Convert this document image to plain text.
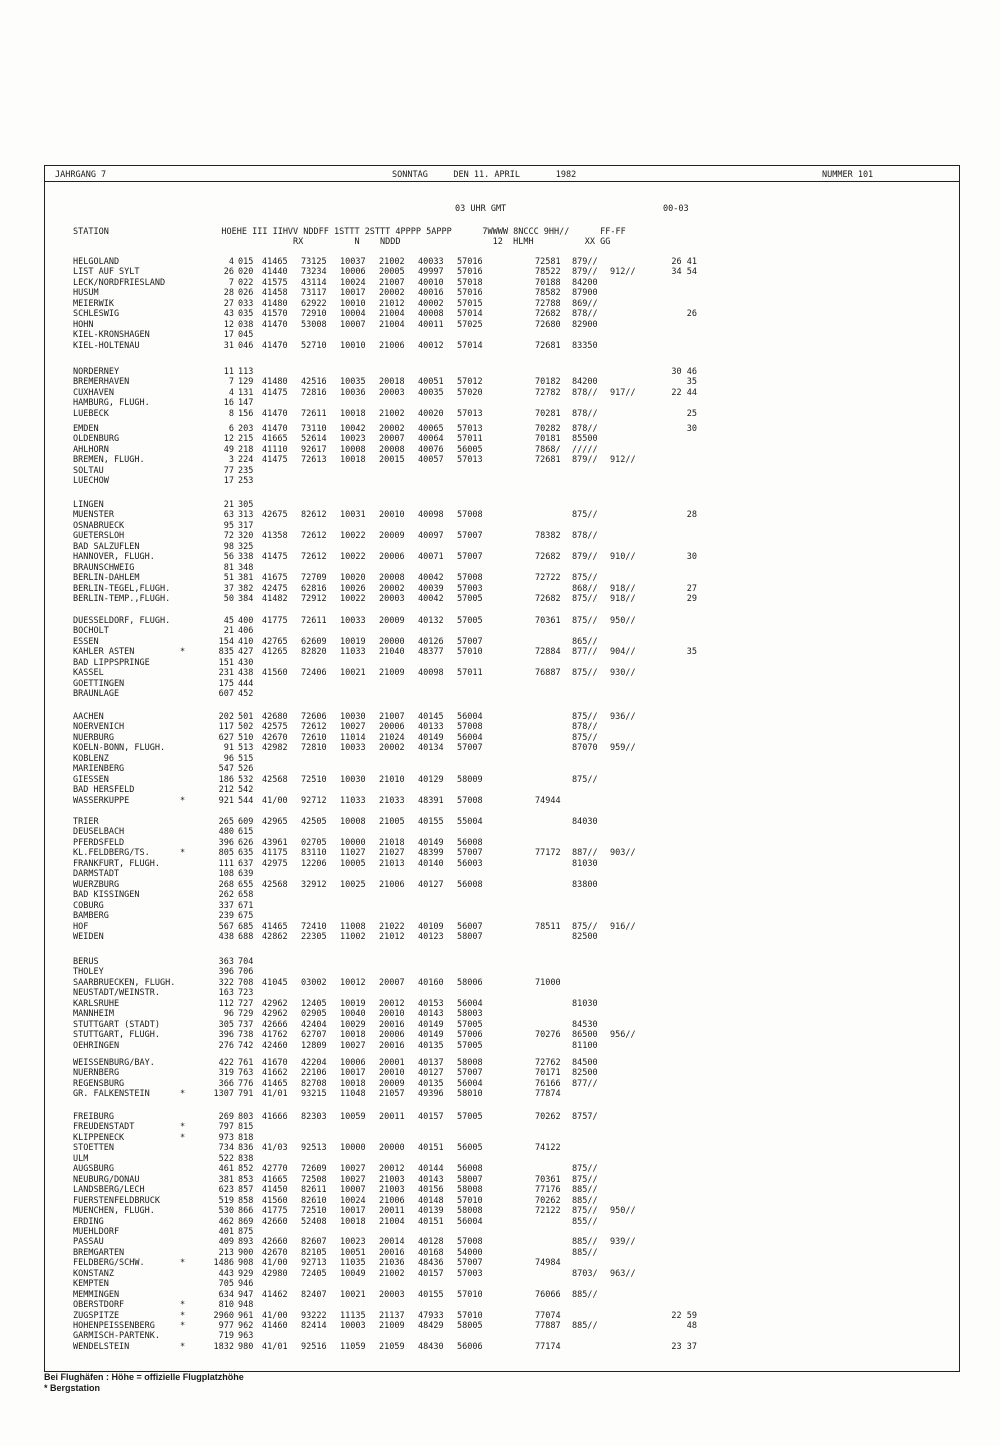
JAHRGANG 7	SONNTAG     DEN 11. APRIL       1982	NUMMER 101
03 UHR GMT	00-03
STATION                      HOEHE III IIHVV NDDFF 1STTT 2STTT 4PPPP 5APPP      7WWWW 8NCCC 9HH//      FF-FF
RX          N    NDDD                  12  HLMH          XX GG
HELGOLAND	4 015 41465 73125 10037 21002 40033 57016	72581 879//	26 41
LIST AUF SYLT	26 020 41440 73234 10006 20005 49997 57016	78522 879// 912//	34 54
LECK/NORDFRIESLAND	7 022 41575 43114 10024 21007 40010 57018	70188 84200
HUSUM	28 026 41458 73117 10017 20002 40016 57016	78582 87900
MEIERWIK	27 033 41480 62922 10010 21012 40002 57015	72788 869//
SCHLESWIG	43 035 41570 72910 10004 21004 40008 57014	72682 878//	26
HOHN	12 038 41470 53008 10007 21004 40011 57025	72680 82900
KIEL-KRONSHAGEN	17 045
KIEL-HOLTENAU	31 046 41470 52710 10010 21006 40012 57014	72681 83350
NORDERNEY	11 113	30 46
BREMERHAVEN	7 129 41480 42516 10035 20018 40051 57012	70182 84200	35
CUXHAVEN	4 131 41475 72816 10036 20003 40035 57020	72782 878// 917//	22 44
HAMBURG, FLUGH.	16 147
LUEBECK	8 156 41470 72611 10018 21002 40020 57013	70281 878//	25
EMDEN	6 203 41470 73110 10042 20002 40065 57013	70282 878//	30
OLDENBURG	12 215 41665 52614 10023 20007 40064 57011	70181 85500
AHLHORN	49 218 41110 92617 10008 20008 40076 56005	7868/ /////
BREMEN, FLUGH.	3 224 41475 72613 10018 20015 40057 57013	72681 879// 912//
SOLTAU	77 235
LUECHOW	17 253
LINGEN	21 305
MUENSTER	63 313 42675 82612 10031 20010 40098 57008	875//	28
OSNABRUECK	95 317
GUETERSLOH	72 320 41358 72612 10022 20009 40097 57007	78382 878//
BAD SALZUFLEN	98 325
HANNOVER, FLUGH.	56 338 41475 72612 10022 20006 40071 57007	72682 879// 910//	30
BRAUNSCHWEIG	81 348
BERLIN-DAHLEM	51 381 41675 72709 10020 20008 40042 57008	72722 875//
BERLIN-TEGEL,FLUGH.	37 382 42475 62816 10026 20002 40039 57003	868// 918//	27
BERLIN-TEMP.,FLUGH.	50 384 41482 72912 10022 20003 40042 57005	72682 875// 918//	29
DUESSELDORF, FLUGH.	45 400 41775 72611 10033 20009 40132 57005	70361 875// 950//
BOCHOLT	21 406
ESSEN	154 410 42765 62609 10019 20000 40126 57007	865//
KAHLER ASTEN	*	835 427 41265 82820 11033 21040 48377 57010	72884 877// 904//	35
BAD LIPPSPRINGE	151 430
KASSEL	231 438 41560 72406 10021 21009 40098 57011	76887 875// 930//
GOETTINGEN	175 444
BRAUNLAGE	607 452
AACHEN	202 501 42680 72606 10030 21007 40145 56004	875// 936//
NOERVENICH	117 502 42575 72612 10027 20006 40133 57008	878//
NUERBURG	627 510 42670 72610 11014 21024 40149 56004	875//
KOELN-BONN, FLUGH.	91 513 42982 72810 10033 20002 40134 57007	87070 959//
KOBLENZ	96 515
MARIENBERG	547 526
GIESSEN	186 532 42568 72510 10030 21010 40129 58009	875//
BAD HERSFELD	212 542
WASSERKUPPE	*	921 544 41/00 92712 11033 21033 48391 57008	74944
TRIER	265 609 42965 42505 10008 21005 40155 55004	84030
DEUSELBACH	480 615
PFERDSFELD	396 626 43961 02705 10000 21018 40149 56008
KL.FELDBERG/TS.	*	805 635 41175 83110 11027 21027 48399 57007	77172 887// 903//
FRANKFURT, FLUGH.	111 637 42975 12206 10005 21013 40140 56003	81030
DARMSTADT	108 639
WUERZBURG	268 655 42568 32912 10025 21006 40127 56008	83800
BAD KISSINGEN	262 658
COBURG	337 671
BAMBERG	239 675
HOF	567 685 41465 72410 11008 21022 40109 56007	78511 875// 916//
WEIDEN	438 688 42862 22305 11002 21012 40123 58007	82500
BERUS	363 704
THOLEY	396 706
SAARBRUECKEN, FLUGH.	322 708 41045 03002 10012 20007 40160 58006	71000
NEUSTADT/WEINSTR.	163 723
KARLSRUHE	112 727 42962 12405 10019 20012 40153 56004	81030
MANNHEIM	96 729 42962 02905 10040 20010 40143 58003
STUTTGART (STADT)	305 737 42666 42404 10029 20016 40149 57005	84530
STUTTGART, FLUGH.	396 738 41762 62707 10018 20006 40149 57006	70276 86500 956//
OEHRINGEN	276 742 42460 12809 10027 20016 40135 57005	81100
WEISSENBURG/BAY.	422 761 41670 42204 10006 20001 40137 58008	72762 84500
NUERNBERG	319 763 41662 22106 10017 20010 40127 57007	70171 82500
REGENSBURG	366 776 41465 82708 10018 20009 40135 56004	76166 877//
GR. FALKENSTEIN	*	1307 791 41/01 93215 11048 21057 49396 58010	77874
FREIBURG	269 803 41666 82303 10059 20011 40157 57005	70262 8757/
FREUDENSTADT	*	797 815
KLIPPENECK	*	973 818
STOETTEN	734 836 41/03 92513 10000 20000 40151 56005	74122
ULM	522 838
AUGSBURG	461 852 42770 72609 10027 20012 40144 56008	875//
NEUBURG/DONAU	381 853 41665 72508 10027 21003 40143 58007	70361 875//
LANDSBERG/LECH	623 857 41450 82611 10007 21003 40156 58008	77176 885//
FUERSTENFELDBRUCK	519 858 41560 82610 10024 21006 40148 57010	70262 885//
MUENCHEN, FLUGH.	530 866 41775 72510 10017 20011 40139 58008	72122 875// 950//
ERDING	462 869 42660 52408 10018 21004 40151 56004	855//
MUEHLDORF	401 875
PASSAU	409 893 42660 82607 10023 20014 40128 57008	885// 939//
BREMGARTEN	213 900 42670 82105 10051 20016 40168 54000	885//
FELDBERG/SCHW.	*	1486 908 41/00 92713 11035 21036 48436 57007	74984
KONSTANZ	443 929 42980 72405 10049 21002 40157 57003	8703/ 963//
KEMPTEN	705 946
MEMMINGEN	634 947 41462 82407 10021 20003 40155 57010	76066 885//
OBERSTDORF	*	810 948
ZUGSPITZE	*	2960 961 41/00 93222 11135 21137 47933 57010	77074	22 59
HOHENPEISSENBERG	*	977 962 41460 82414 10003 21009 48429 58005	77887 885//	48
GARMISCH-PARTENK.	719 963
WENDELSTEIN	*	1832 980 41/01 92516 11059 21059 48430 56006	77174	23 37
Bei Flughäfen : Höhe = offizielle Flugplatzhöhe
* Bergstation
